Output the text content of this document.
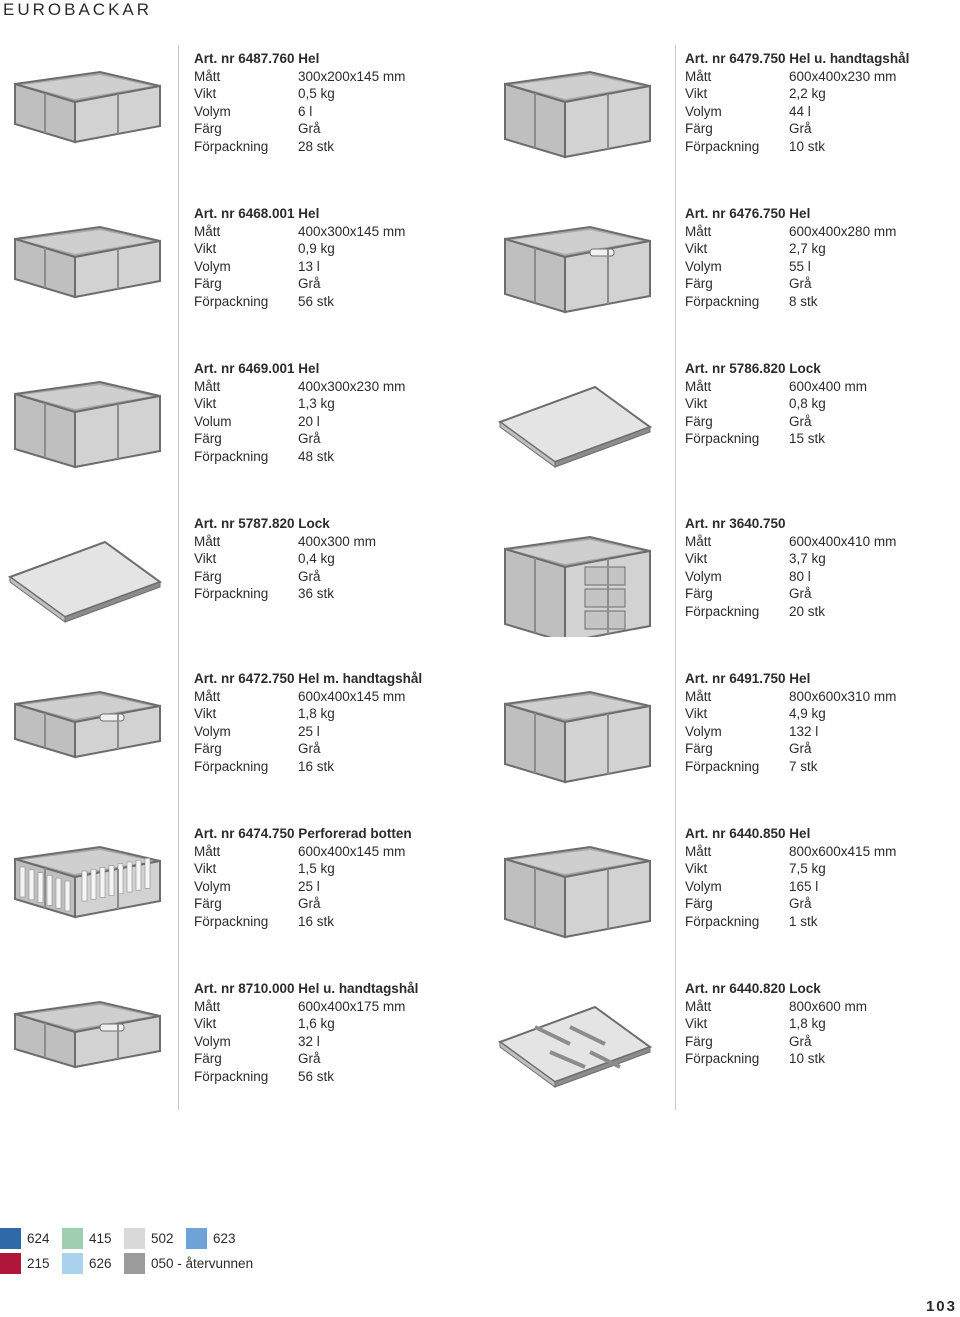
EUROBACKAR
Art. nr 6487.760 Hel
Mått	300x200x145 mm
Vikt	0,5 kg
Volym	6 l
Färg	Grå
Förpackning	28 stk
Art. nr 6479.750 Hel u. handtagshål
Mått	600x400x230 mm
Vikt	2,2 kg
Volym	44 l
Färg	Grå
Förpackning	10 stk
Art. nr 6468.001 Hel
Mått	400x300x145 mm
Vikt	0,9 kg
Volym	13 l
Färg	Grå
Förpackning	56 stk
Art. nr 6476.750 Hel
Mått	600x400x280 mm
Vikt	2,7 kg
Volym	55 l
Färg	Grå
Förpackning	8 stk
Art. nr 6469.001 Hel
Mått	400x300x230 mm
Vikt	1,3 kg
Volum	20 l
Färg	Grå
Förpackning	48 stk
Art. nr 5786.820 Lock
Mått	600x400 mm
Vikt	0,8 kg
Färg	Grå
Förpackning	15 stk
Art. nr 5787.820 Lock
Mått	400x300 mm
Vikt	0,4 kg
Färg	Grå
Förpackning	36 stk
Art. nr 3640.750
Mått	600x400x410 mm
Vikt	3,7 kg
Volym	80 l
Färg	Grå
Förpackning	20 stk
Art. nr 6472.750 Hel m. handtagshål
Mått	600x400x145 mm
Vikt	1,8 kg
Volym	25 l
Färg	Grå
Förpackning	16 stk
Art. nr 6491.750 Hel
Mått	800x600x310 mm
Vikt	4,9 kg
Volym	132 l
Färg	Grå
Förpackning	7 stk
Art. nr 6474.750 Perforerad botten
Mått	600x400x145 mm
Vikt	1,5 kg
Volym	25 l
Färg	Grå
Förpackning	16 stk
Art. nr 6440.850 Hel
Mått	800x600x415 mm
Vikt	7,5 kg
Volym	165 l
Färg	Grå
Förpackning	1 stk
Art. nr 8710.000 Hel u. handtagshål
Mått	600x400x175 mm
Vikt	1,6 kg
Volym	32 l
Färg	Grå
Förpackning	56 stk
Art. nr 6440.820 Lock
Mått	800x600 mm
Vikt	1,8 kg
Färg	Grå
Förpackning	10 stk
624	415	502	623
215	626	050 - återvunnen
103
